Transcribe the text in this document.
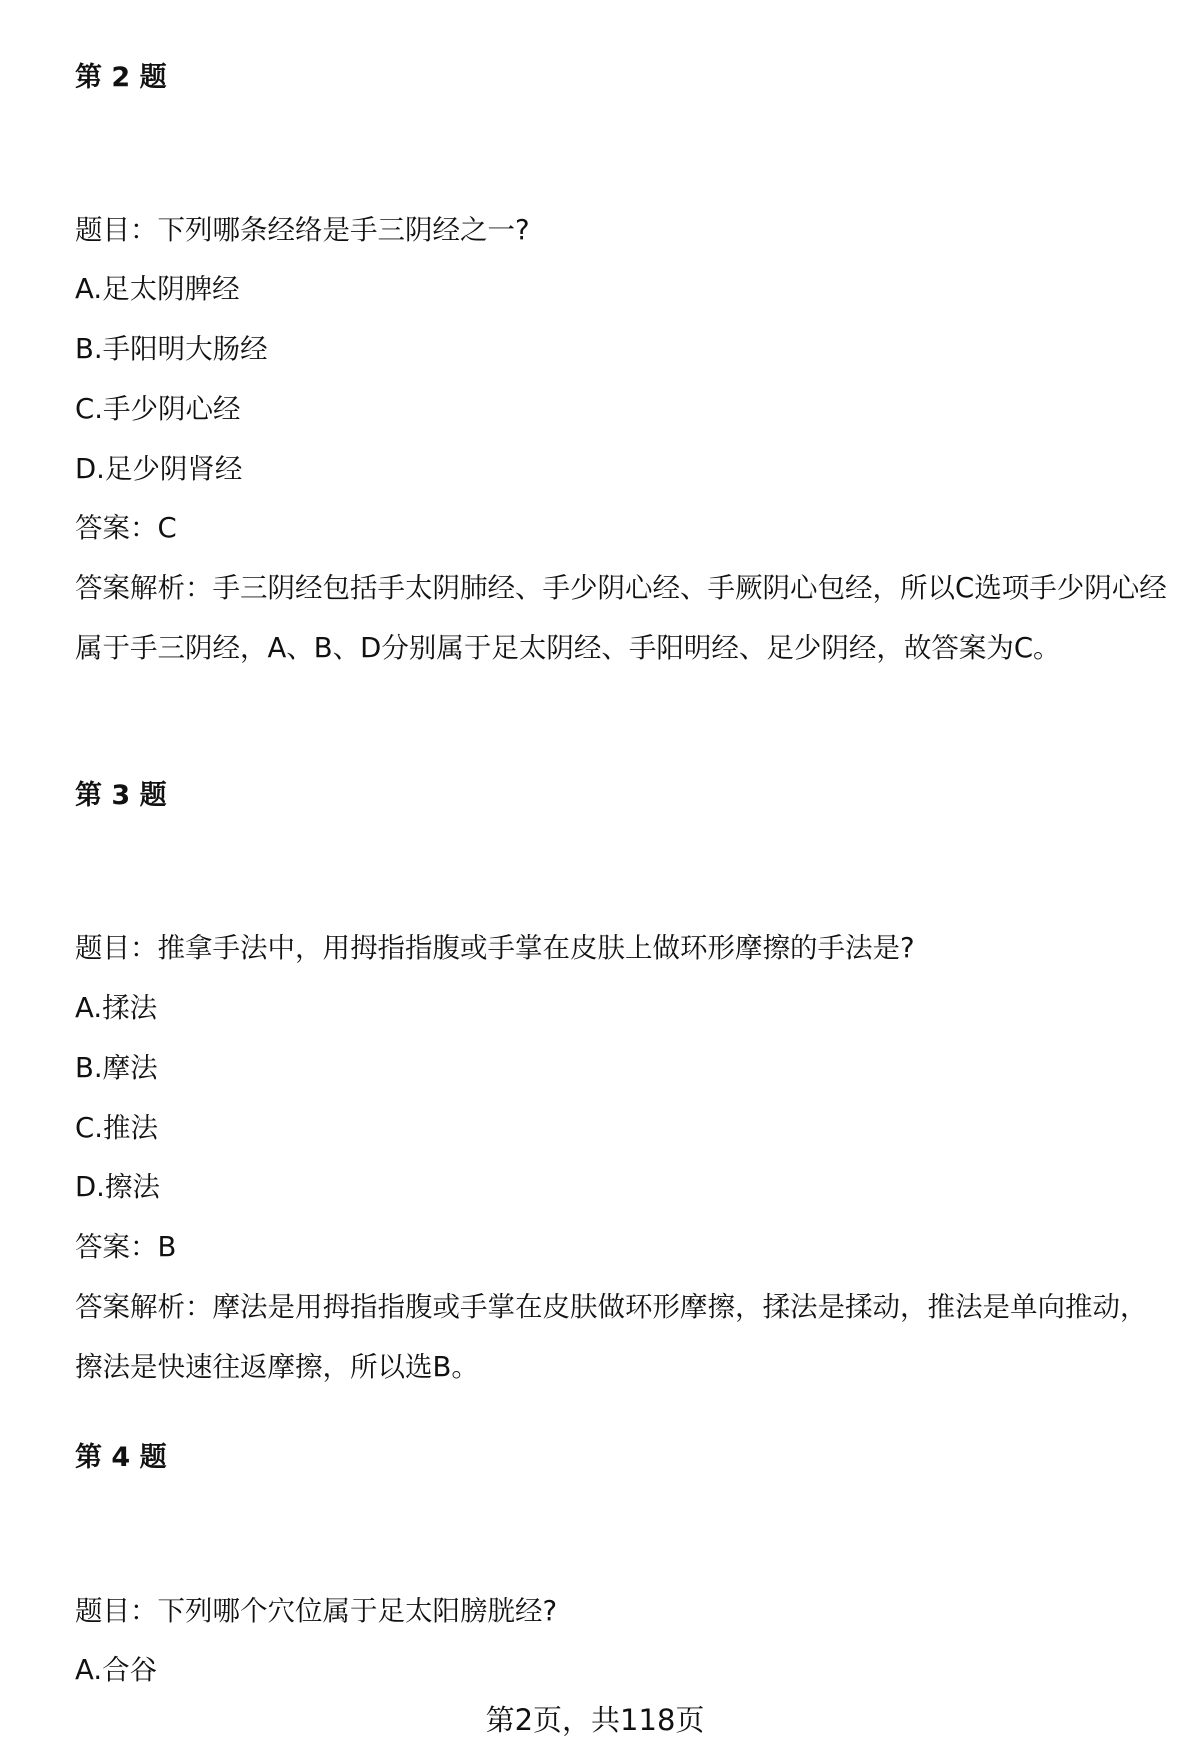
第 2 题
题目：下列哪条经络是手三阴经之一?
A.足太阴脾经
B.手阳明大肠经
C.手少阴心经
D.足少阴肾经
答案：C
答案解析：手三阴经包括手太阴肺经、手少阴心经、手厥阴心包经，所以C选项手少阴心经属于手三阴经，A、B、D分别属于足太阴经、手阳明经、足少阴经，故答案为C。
第 3 题
题目：推拿手法中，用拇指指腹或手掌在皮肤上做环形摩擦的手法是?
A.揉法
B.摩法
C.推法
D.擦法
答案：B
答案解析：摩法是用拇指指腹或手掌在皮肤做环形摩擦，揉法是揉动，推法是单向推动，擦法是快速往返摩擦，所以选B。
第 4 题
题目：下列哪个穴位属于足太阳膀胱经?
A.合谷
第2页，共118页
